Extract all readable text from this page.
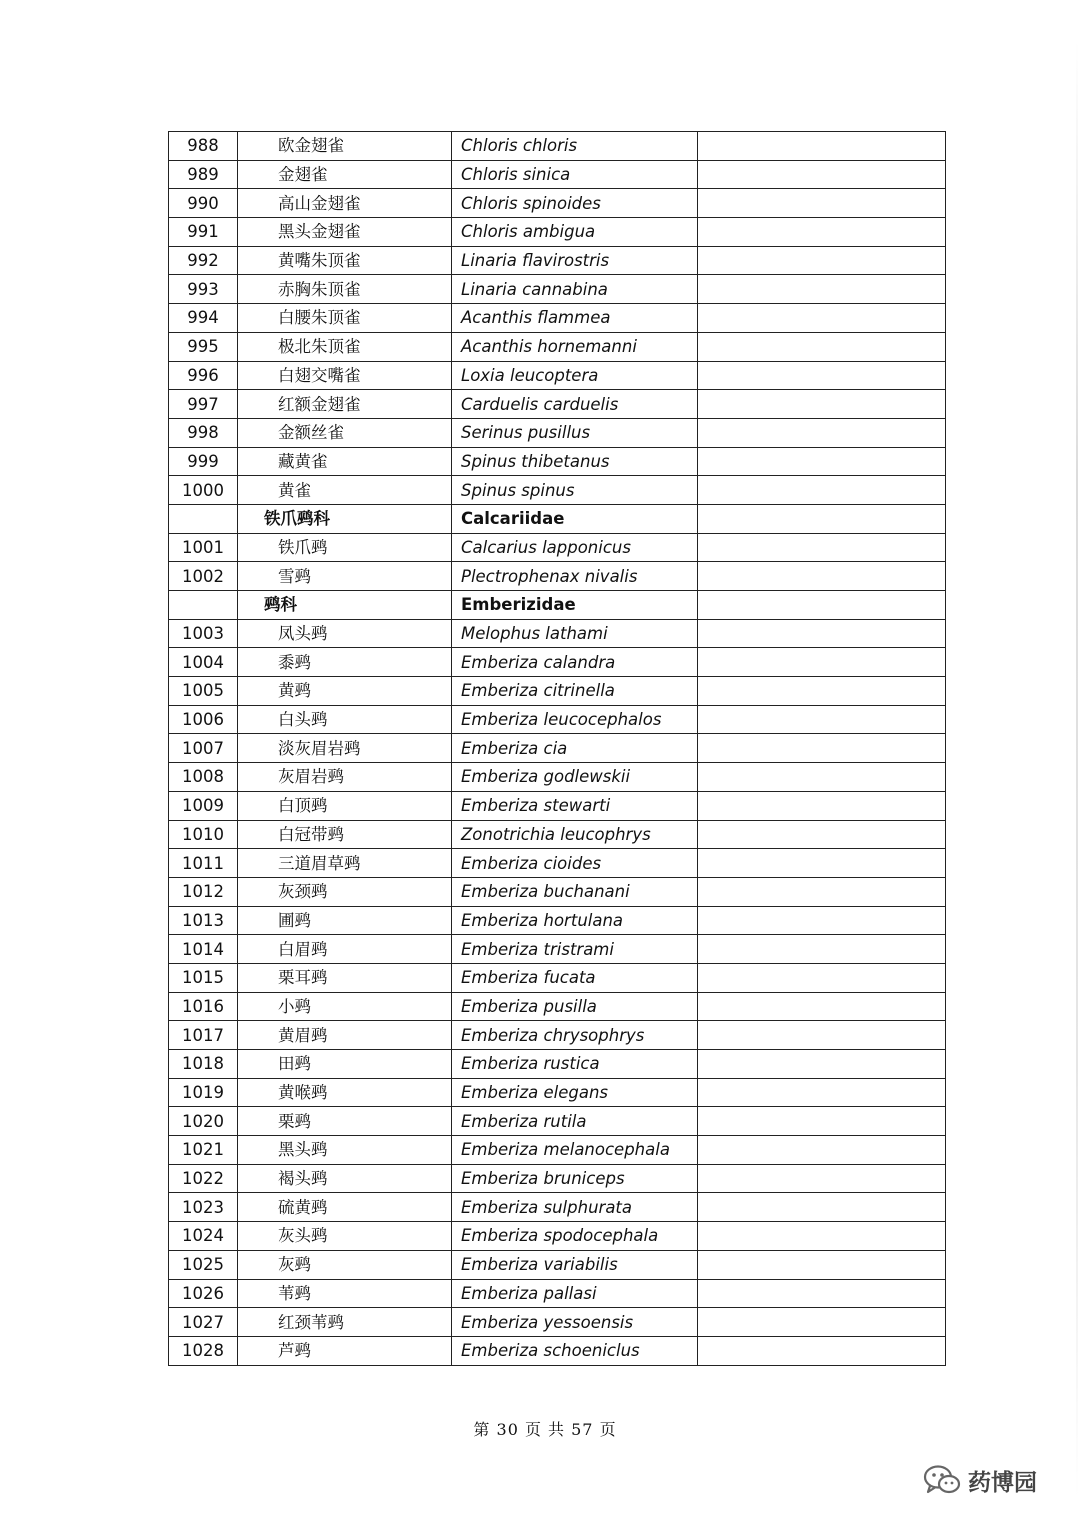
988	欧金翅雀	Chloris chloris	
989	金翅雀	Chloris sinica	
990	高山金翅雀	Chloris spinoides	
991	黑头金翅雀	Chloris ambigua	
992	黄嘴朱顶雀	Linaria flavirostris	
993	赤胸朱顶雀	Linaria cannabina	
994	白腰朱顶雀	Acanthis flammea	
995	极北朱顶雀	Acanthis hornemanni	
996	白翅交嘴雀	Loxia leucoptera	
997	红额金翅雀	Carduelis carduelis	
998	金额丝雀	Serinus pusillus	
999	藏黄雀	Spinus thibetanus	
1000	黄雀	Spinus spinus	
	铁爪鹀科	Calcariidae	
1001	铁爪鹀	Calcarius lapponicus	
1002	雪鹀	Plectrophenax nivalis	
	鹀科	Emberizidae	
1003	凤头鹀	Melophus lathami	
1004	黍鹀	Emberiza calandra	
1005	黄鹀	Emberiza citrinella	
1006	白头鹀	Emberiza leucocephalos	
1007	淡灰眉岩鹀	Emberiza cia	
1008	灰眉岩鹀	Emberiza godlewskii	
1009	白顶鹀	Emberiza stewarti	
1010	白冠带鹀	Zonotrichia leucophrys	
1011	三道眉草鹀	Emberiza cioides	
1012	灰颈鹀	Emberiza buchanani	
1013	圃鹀	Emberiza hortulana	
1014	白眉鹀	Emberiza tristrami	
1015	栗耳鹀	Emberiza fucata	
1016	小鹀	Emberiza pusilla	
1017	黄眉鹀	Emberiza chrysophrys	
1018	田鹀	Emberiza rustica	
1019	黄喉鹀	Emberiza elegans	
1020	栗鹀	Emberiza rutila	
1021	黑头鹀	Emberiza melanocephala	
1022	褐头鹀	Emberiza bruniceps	
1023	硫黄鹀	Emberiza sulphurata	
1024	灰头鹀	Emberiza spodocephala	
1025	灰鹀	Emberiza variabilis	
1026	苇鹀	Emberiza pallasi	
1027	红颈苇鹀	Emberiza yessoensis	
1028	芦鹀	Emberiza schoeniclus	
第 30 页 共 57 页
药博园
